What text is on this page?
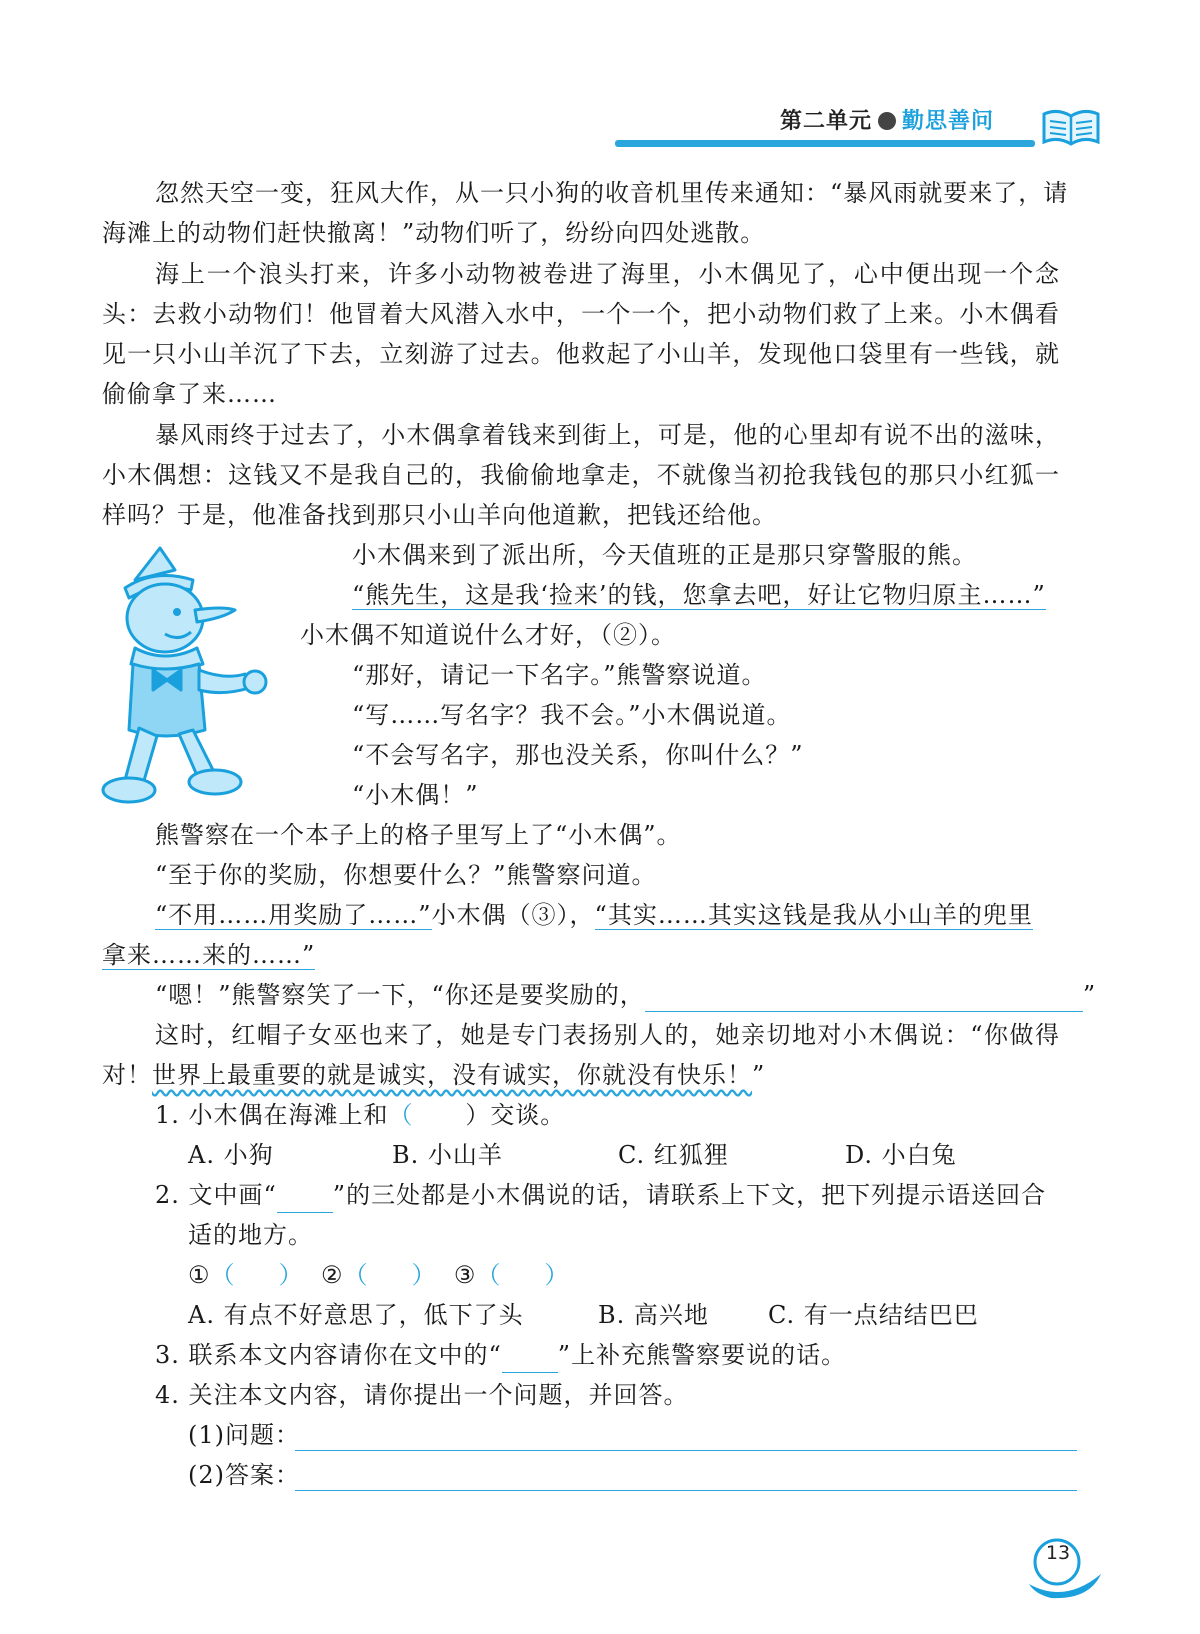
第二单元 勤思善问
忽然天空一变，狂风大作，从一只小狗的收音机里传来通知：“暴风雨就要来了，请
海滩上的动物们赶快撤离！”动物们听了，纷纷向四处逃散。
海上一个浪头打来，许多小动物被卷进了海里，小木偶见了，心中便出现一个念
头：去救小动物们！他冒着大风潜入水中，一个一个，把小动物们救了上来。小木偶看
见一只小山羊沉了下去，立刻游了过去。他救起了小山羊，发现他口袋里有一些钱，就
偷偷拿了来……
暴风雨终于过去了，小木偶拿着钱来到街上，可是，他的心里却有说不出的滋味，
小木偶想：这钱又不是我自己的，我偷偷地拿走，不就像当初抢我钱包的那只小红狐一
样吗？于是，他准备找到那只小山羊向他道歉，把钱还给他。
小木偶来到了派出所，今天值班的正是那只穿警服的熊。
“熊先生，这是我‘捡来’的钱，您拿去吧，好让它物归原主……”
小木偶不知道说什么才好，（②）。
“那好，请记一下名字。”熊警察说道。
“写……写名字？我不会。”小木偶说道。
“不会写名字，那也没关系，你叫什么？”
“小木偶！”
熊警察在一个本子上的格子里写上了“小木偶”。
“至于你的奖励，你想要什么？”熊警察问道。
“不用……用奖励了……”小木偶（③），“其实……其实这钱是我从小山羊的兜里
拿来……来的……”
“嗯！”熊警察笑了一下，“你还是要奖励的，	”
这时，红帽子女巫也来了，她是专门表扬别人的，她亲切地对小木偶说：“你做得
对！世界上最重要的就是诚实，没有诚实，你就没有快乐！”
1. 小木偶在海滩上和（      ）交谈。
A. 小狗	B. 小山羊	C. 红狐狸	D. 小白兔
2. 文中画“ ”的三处都是小木偶说的话，请联系上下文，把下列提示语送回合
适的地方。
①（     ） ②（     ） ③（     ）
A. 有点不好意思了，低下了头	B. 高兴地 C. 有一点结结巴巴
3. 联系本文内容请你在文中的“ ”上补充熊警察要说的话。
4. 关注本文内容，请你提出一个问题，并回答。
(1)问题：
(2)答案：
13
